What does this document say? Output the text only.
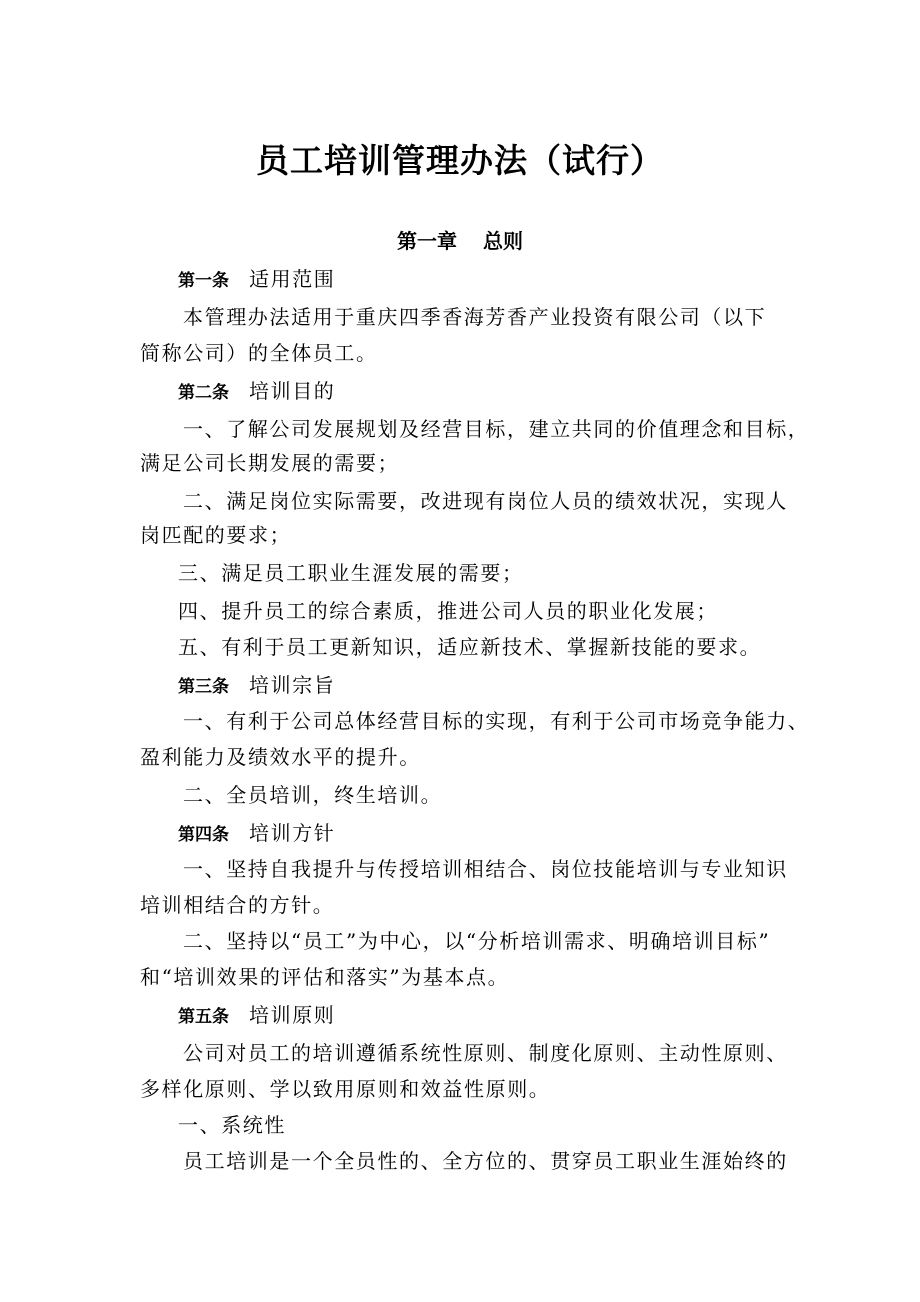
员工培训管理办法（试行）
第一章 总则
第一条 适用范围
本管理办法适用于重庆四季香海芳香产业投资有限公司（以下
简称公司）的全体员工。
第二条 培训目的
一、了解公司发展规划及经营目标，建立共同的价值理念和目标，
满足公司长期发展的需要；
二、满足岗位实际需要，改进现有岗位人员的绩效状况，实现人
岗匹配的要求；
三、满足员工职业生涯发展的需要；
四、提升员工的综合素质，推进公司人员的职业化发展；
五、有利于员工更新知识，适应新技术、掌握新技能的要求。
第三条 培训宗旨
一、有利于公司总体经营目标的实现，有利于公司市场竞争能力、
盈利能力及绩效水平的提升。
二、全员培训，终生培训。
第四条 培训方针
一、坚持自我提升与传授培训相结合、岗位技能培训与专业知识
培训相结合的方针。
二、坚持以“员工”为中心，以“分析培训需求、明确培训目标”
和“培训效果的评估和落实”为基本点。
第五条 培训原则
公司对员工的培训遵循系统性原则、制度化原则、主动性原则、
多样化原则、学以致用原则和效益性原则。
一、系统性
员工培训是一个全员性的、全方位的、贯穿员工职业生涯始终的
